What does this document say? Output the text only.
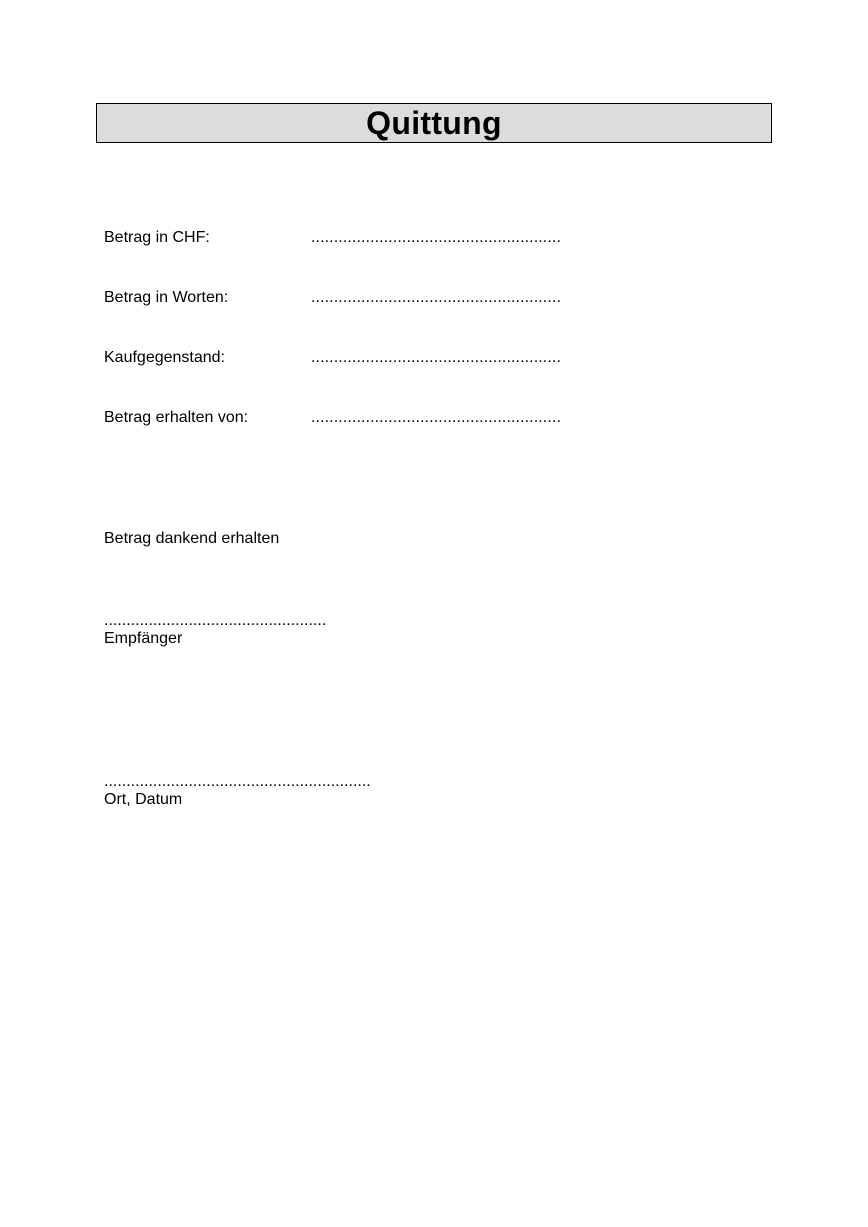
Quittung
Betrag in CHF:	.......................................................
Betrag in Worten:	.......................................................
Kaufgegenstand:	.......................................................
Betrag erhalten von:	.......................................................
Betrag dankend erhalten
..................................................
Empfänger
............................................................
Ort, Datum
